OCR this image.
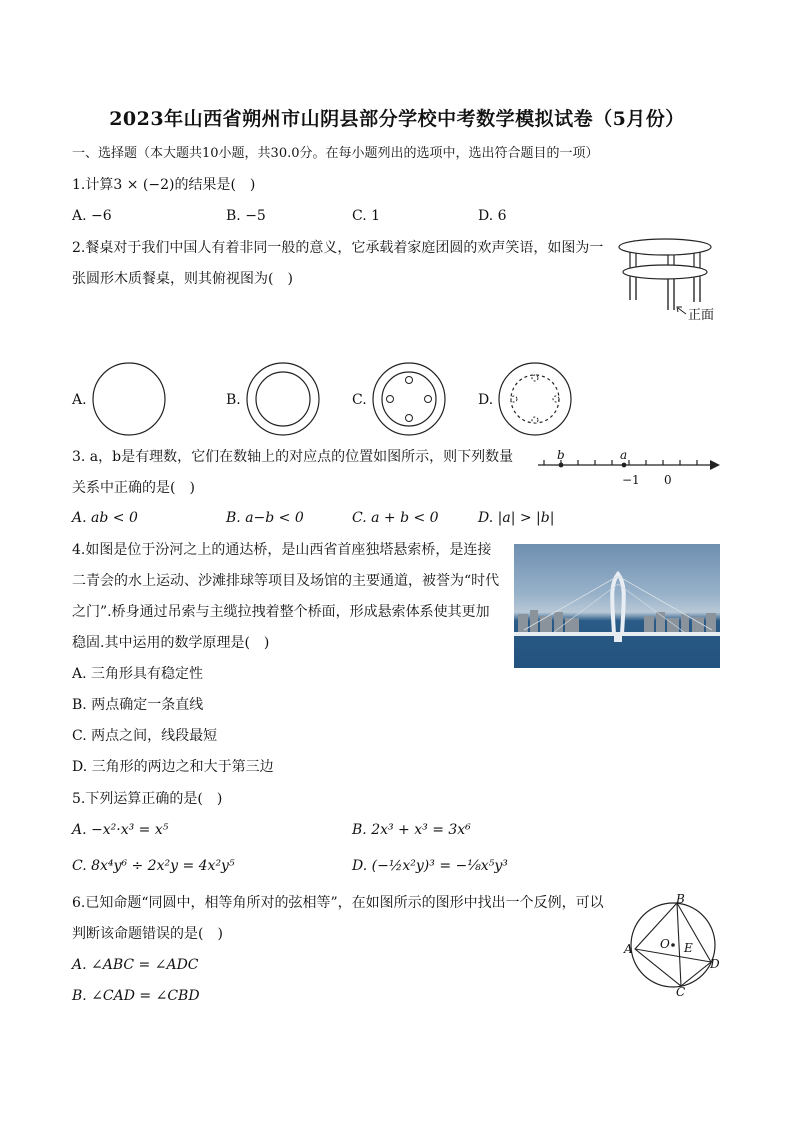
2023年山西省朔州市山阴县部分学校中考数学模拟试卷（5月份）
一、选择题（本大题共10小题，共30.0分。在每小题列出的选项中，选出符合题目的一项）
1.计算3 × (−2)的结果是(　)
A. −6	B. −5	C. 1	D. 6
2.餐桌对于我们中国人有着非同一般的意义，它承载着家庭团圆的欢声笑语，如图为一
张圆形木质餐桌，则其俯视图为(　)
正面
A.	B.	C.	D.
3. a，b是有理数，它们在数轴上的对应点的位置如图所示，则下列数量
关系中正确的是(　)
b	a
−1 0
A. ab < 0	B. a−b < 0	C. a + b < 0	D. |a| > |b|
4.如图是位于汾河之上的通达桥，是山西省首座独塔悬索桥，是连接
二青会的水上运动、沙滩排球等项目及场馆的主要通道，被誉为“时代
之门”.桥身通过吊索与主缆拉拽着整个桥面，形成悬索体系使其更加
稳固.其中运用的数学原理是(　)
A. 三角形具有稳定性
B. 两点确定一条直线
C. 两点之间，线段最短
D. 三角形的两边之和大于第三边
5.下列运算正确的是(　)
A. −x²·x³ = x⁵	B. 2x³ + x³ = 3x⁶
C. 8x⁴y⁶ ÷ 2x²y = 4x²y⁵	D. (−½x²y)³ = −⅛x⁵y³
6.已知命题“同圆中，相等角所对的弦相等”，在如图所示的图形中找出一个反例，可以
判断该命题错误的是(　)
A. ∠ABC = ∠ADC
B. ∠CAD = ∠CBD
B
A
C
D
E
O
